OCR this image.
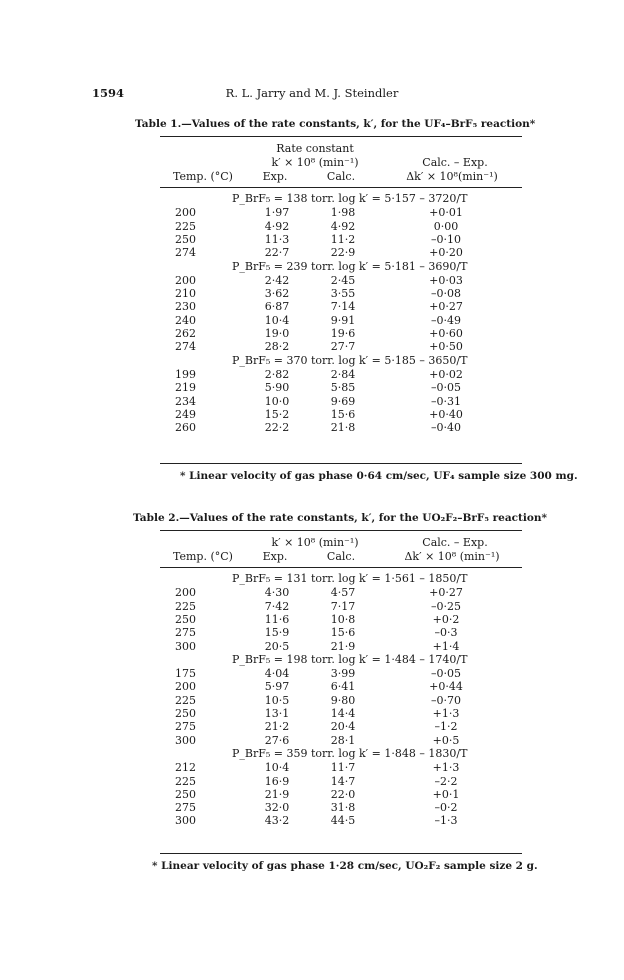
1594	R. L. Jarry and M. J. Steindler
Table 1.—Values of the rate constants, k′, for the UF₄–BrF₅ reaction*
Rate constant
k′ × 10⁸ (min⁻¹)	Calc. – Exp.
Temp. (°C)	Exp.	Calc.	Δk′ × 10⁸(min⁻¹)
P_BrF₅ = 138 torr. log k′ = 5·157 – 3720/T
200	1·97	1·98	+0·01
225	4·92	4·92	0·00
250	11·3	11·2	–0·10
274	22·7	22·9	+0·20
P_BrF₅ = 239 torr. log k′ = 5·181 – 3690/T
200	2·42	2·45	+0·03
210	3·62	3·55	–0·08
230	6·87	7·14	+0·27
240	10·4	9·91	–0·49
262	19·0	19·6	+0·60
274	28·2	27·7	+0·50
P_BrF₅ = 370 torr. log k′ = 5·185 – 3650/T
199	2·82	2·84	+0·02
219	5·90	5·85	–0·05
234	10·0	9·69	–0·31
249	15·2	15·6	+0·40
260	22·2	21·8	–0·40
* Linear velocity of gas phase 0·64 cm/sec, UF₄ sample size 300 mg.
Table 2.—Values of the rate constants, k′, for the UO₂F₂–BrF₅ reaction*
k′ × 10⁸ (min⁻¹)	Calc. – Exp.
Temp. (°C)	Exp.	Calc.	Δk′ × 10⁸ (min⁻¹)
P_BrF₅ = 131 torr. log k′ = 1·561 – 1850/T
200	4·30	4·57	+0·27
225	7·42	7·17	–0·25
250	11·6	10·8	+0·2
275	15·9	15·6	–0·3
300	20·5	21·9	+1·4
P_BrF₅ = 198 torr. log k′ = 1·484 – 1740/T
175	4·04	3·99	–0·05
200	5·97	6·41	+0·44
225	10·5	9·80	–0·70
250	13·1	14·4	+1·3
275	21·2	20·4	–1·2
300	27·6	28·1	+0·5
P_BrF₅ = 359 torr. log k′ = 1·848 – 1830/T
212	10·4	11·7	+1·3
225	16·9	14·7	–2·2
250	21·9	22·0	+0·1
275	32·0	31·8	–0·2
300	43·2	44·5	–1·3
* Linear velocity of gas phase 1·28 cm/sec, UO₂F₂ sample size 2 g.
